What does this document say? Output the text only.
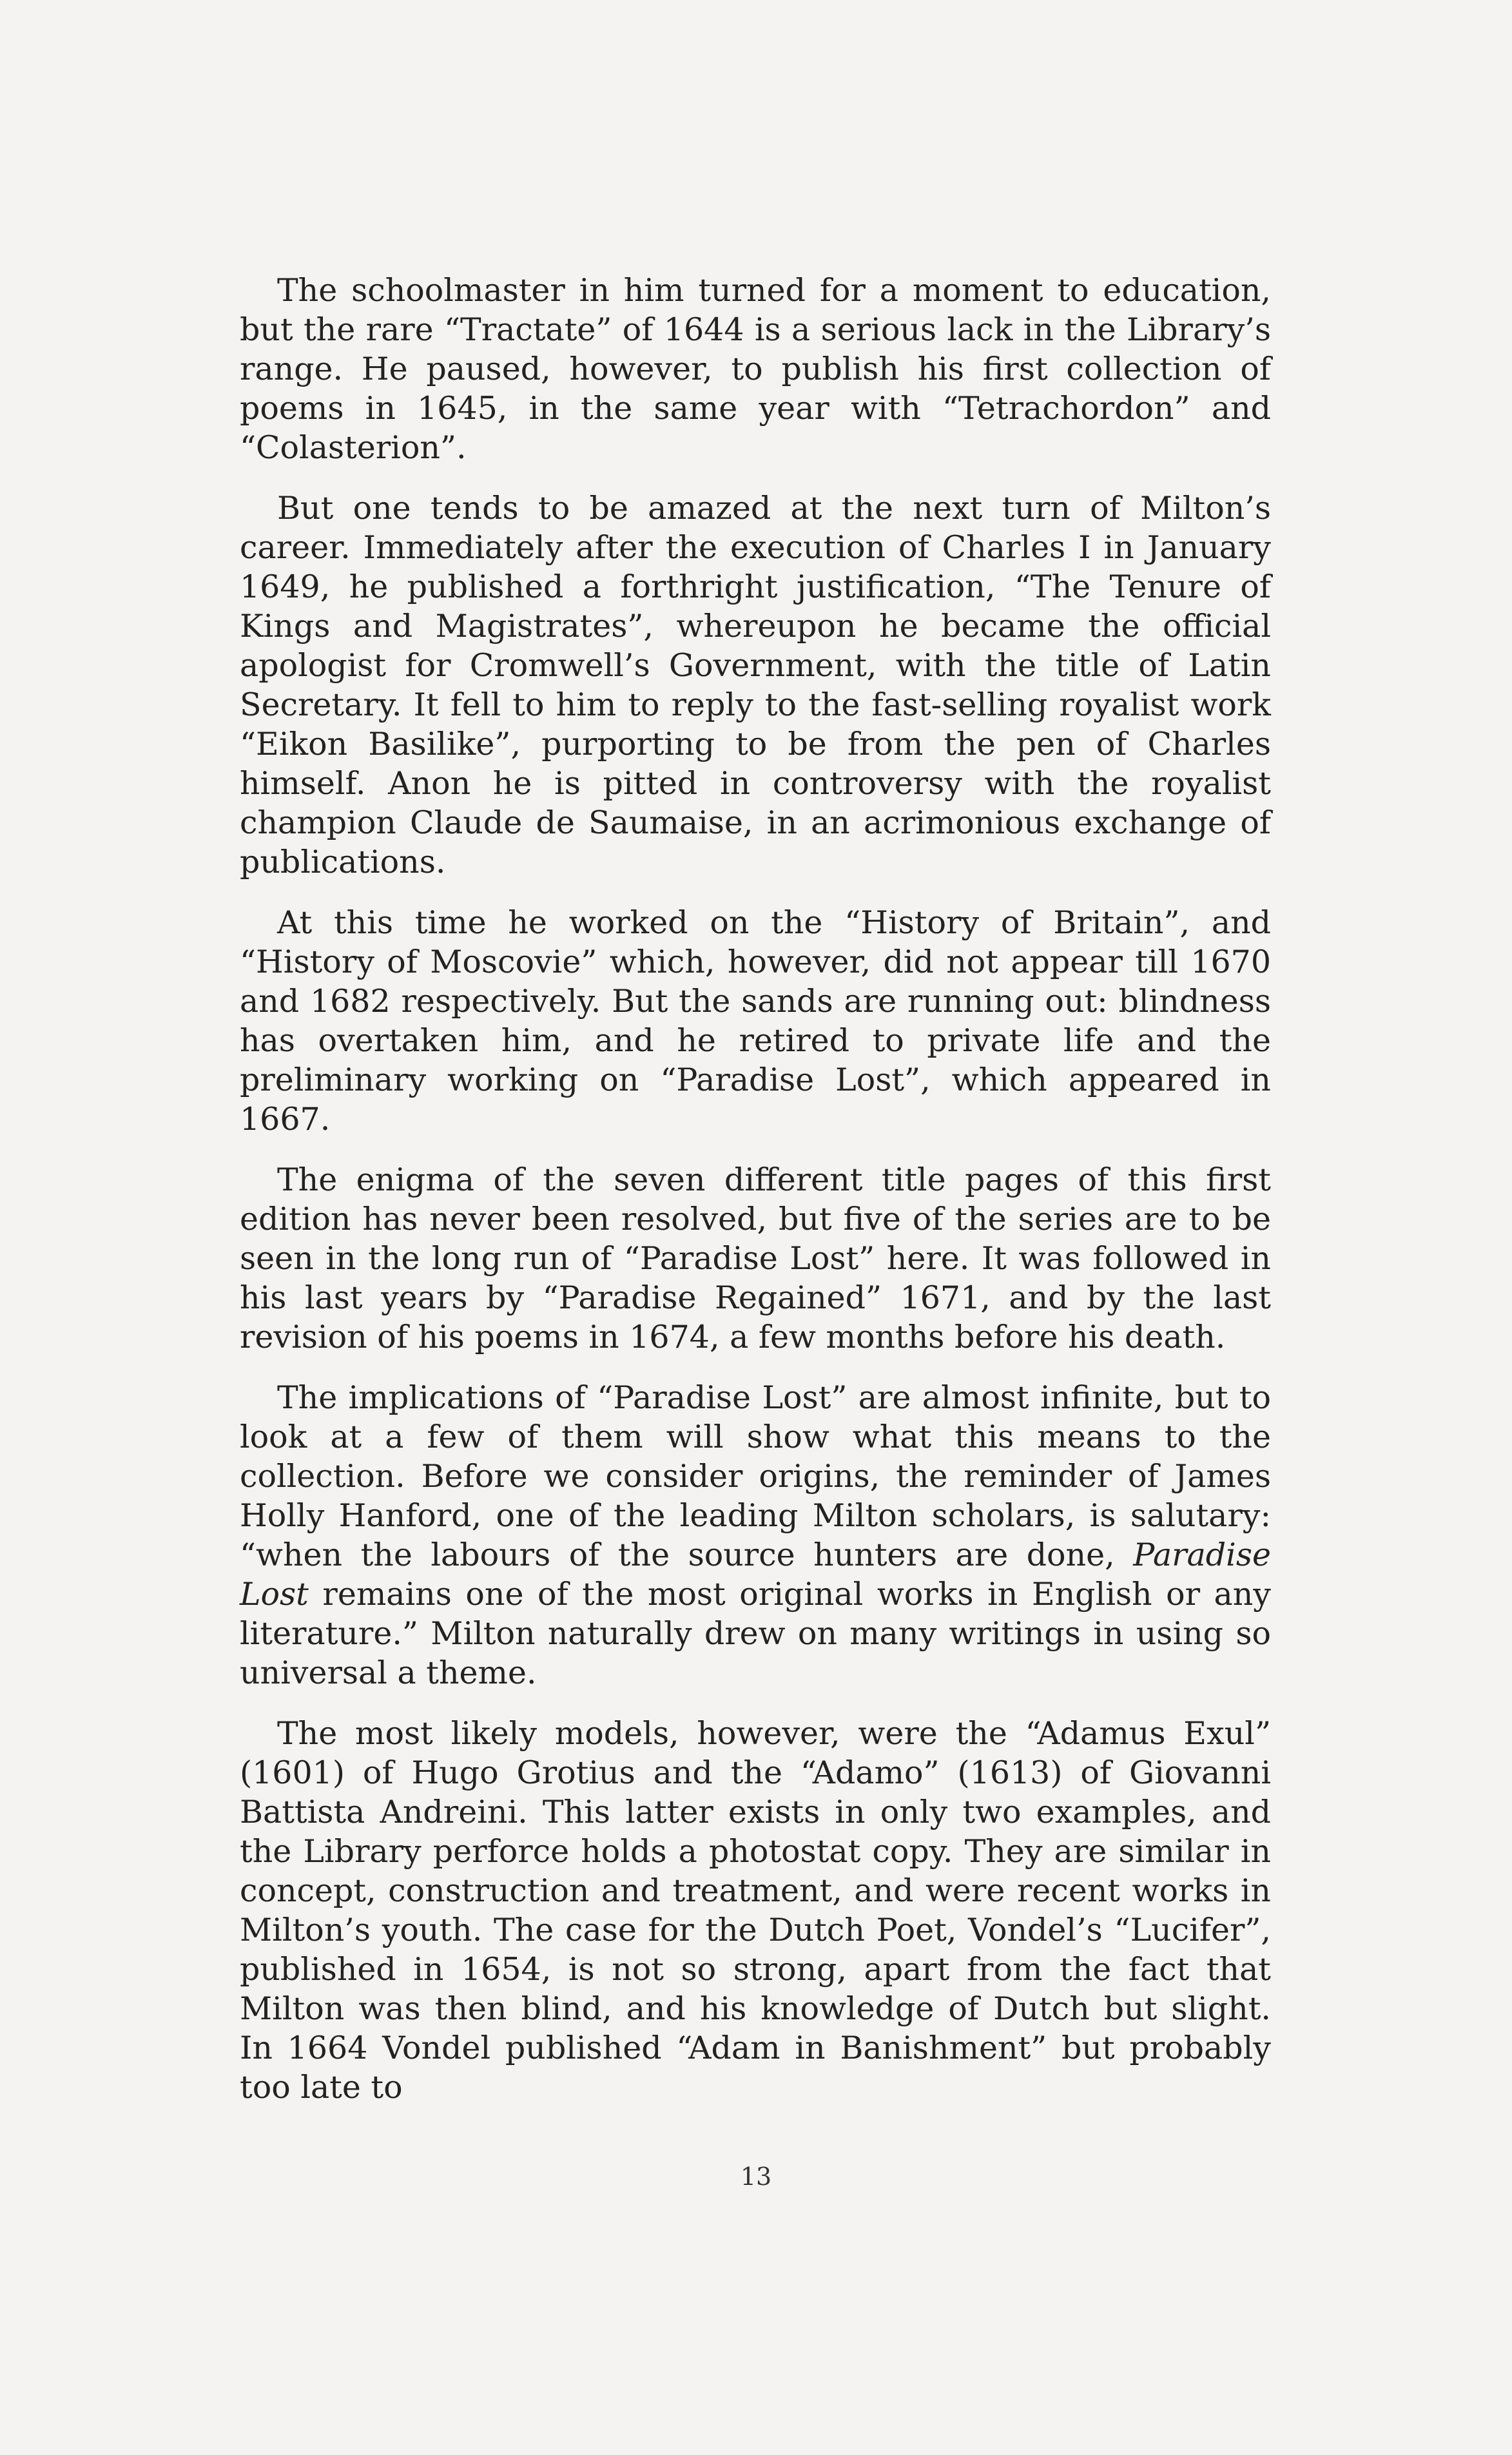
The schoolmaster in him turned for a moment to education, but the rare “Tractate” of 1644 is a serious lack in the Library’s range. He paused, however, to publish his first collection of poems in 1645, in the same year with “Tetrachordon” and “Colasterion”.

But one tends to be amazed at the next turn of Milton’s career. Immediately after the execution of Charles I in January 1649, he published a forthright justification, “The Tenure of Kings and Magistrates”, whereupon he became the official apologist for Cromwell’s Government, with the title of Latin Secretary. It fell to him to reply to the fast-selling royalist work “Eikon Basilike”, purporting to be from the pen of Charles himself. Anon he is pitted in controversy with the royalist champion Claude de Saumaise, in an acrimonious exchange of publications.

At this time he worked on the “History of Britain”, and “History of Moscovie” which, however, did not appear till 1670 and 1682 respectively. But the sands are running out: blindness has overtaken him, and he retired to private life and the preliminary working on “Paradise Lost”, which appeared in 1667.

The enigma of the seven different title pages of this first edition has never been resolved, but five of the series are to be seen in the long run of “Paradise Lost” here. It was followed in his last years by “Paradise Regained” 1671, and by the last revision of his poems in 1674, a few months before his death.

The implications of “Paradise Lost” are almost infinite, but to look at a few of them will show what this means to the collection. Before we consider origins, the reminder of James Holly Hanford, one of the leading Milton scholars, is salutary: “when the labours of the source hunters are done, Paradise Lost remains one of the most original works in English or any literature.” Milton naturally drew on many writings in using so universal a theme.

The most likely models, however, were the “Adamus Exul” (1601) of Hugo Grotius and the “Adamo” (1613) of Giovanni Battista Andreini. This latter exists in only two examples, and the Library perforce holds a photostat copy. They are similar in concept, construction and treatment, and were recent works in Milton’s youth. The case for the Dutch Poet, Vondel’s “Lucifer”, published in 1654, is not so strong, apart from the fact that Milton was then blind, and his knowledge of Dutch but slight. In 1664 Vondel published “Adam in Banishment” but probably too late to

13
